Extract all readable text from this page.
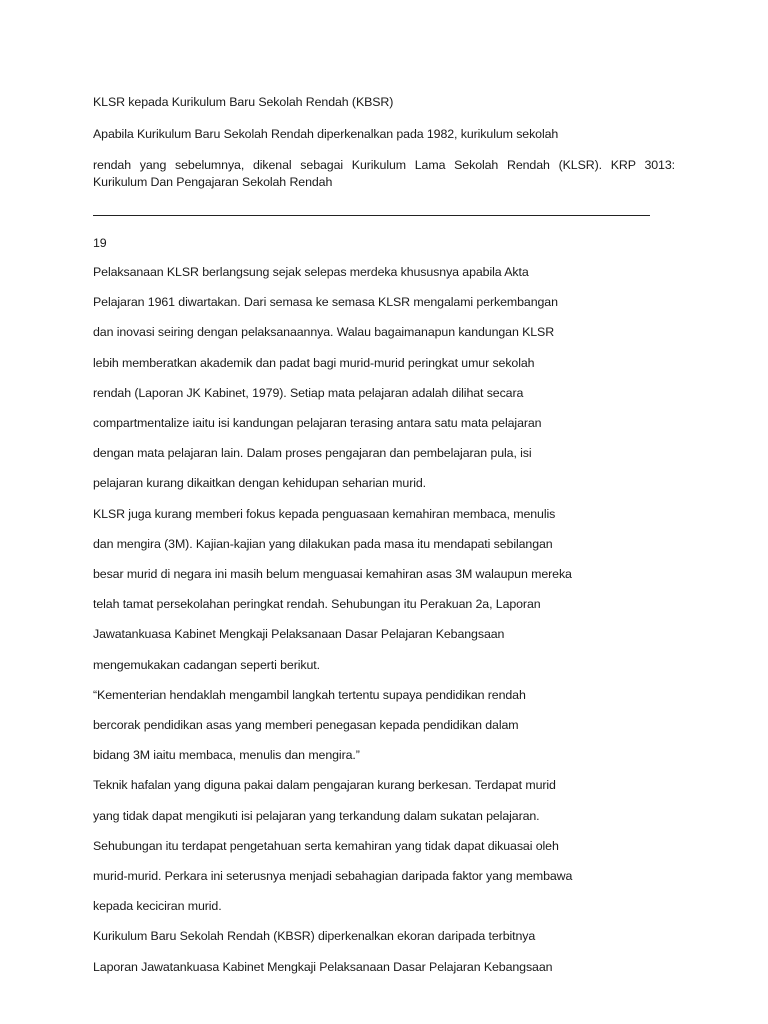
KLSR kepada Kurikulum Baru Sekolah Rendah (KBSR)
Apabila Kurikulum Baru Sekolah Rendah diperkenalkan pada 1982, kurikulum sekolah
rendah yang sebelumnya, dikenal sebagai Kurikulum Lama Sekolah Rendah (KLSR). KRP 3013:
Kurikulum Dan Pengajaran Sekolah Rendah
19
Pelaksanaan KLSR berlangsung sejak selepas merdeka khususnya apabila Akta
Pelajaran 1961 diwartakan. Dari semasa ke semasa KLSR mengalami perkembangan
dan inovasi seiring dengan pelaksanaannya. Walau bagaimanapun kandungan KLSR
lebih memberatkan akademik dan padat bagi murid-murid peringkat umur sekolah
rendah (Laporan JK Kabinet, 1979). Setiap mata pelajaran adalah dilihat secara
compartmentalize iaitu isi kandungan pelajaran terasing antara satu mata pelajaran
dengan mata pelajaran lain. Dalam proses pengajaran dan pembelajaran pula, isi
pelajaran kurang dikaitkan dengan kehidupan seharian murid.
KLSR juga kurang memberi fokus kepada penguasaan kemahiran membaca, menulis
dan mengira (3M). Kajian-kajian yang dilakukan pada masa itu mendapati sebilangan
besar murid di negara ini masih belum menguasai kemahiran asas 3M walaupun mereka
telah tamat persekolahan peringkat rendah. Sehubungan itu Perakuan 2a, Laporan
Jawatankuasa Kabinet Mengkaji Pelaksanaan Dasar Pelajaran Kebangsaan
mengemukakan cadangan seperti berikut.
“Kementerian hendaklah mengambil langkah tertentu supaya pendidikan rendah
bercorak pendidikan asas yang memberi penegasan kepada pendidikan dalam
bidang 3M iaitu membaca, menulis dan mengira.”
Teknik hafalan yang diguna pakai dalam pengajaran kurang berkesan. Terdapat murid
yang tidak dapat mengikuti isi pelajaran yang terkandung dalam sukatan pelajaran.
Sehubungan itu terdapat pengetahuan serta kemahiran yang tidak dapat dikuasai oleh
murid-murid. Perkara ini seterusnya menjadi sebahagian daripada faktor yang membawa
kepada keciciran murid.
Kurikulum Baru Sekolah Rendah (KBSR) diperkenalkan ekoran daripada terbitnya
Laporan Jawatankuasa Kabinet Mengkaji Pelaksanaan Dasar Pelajaran Kebangsaan
